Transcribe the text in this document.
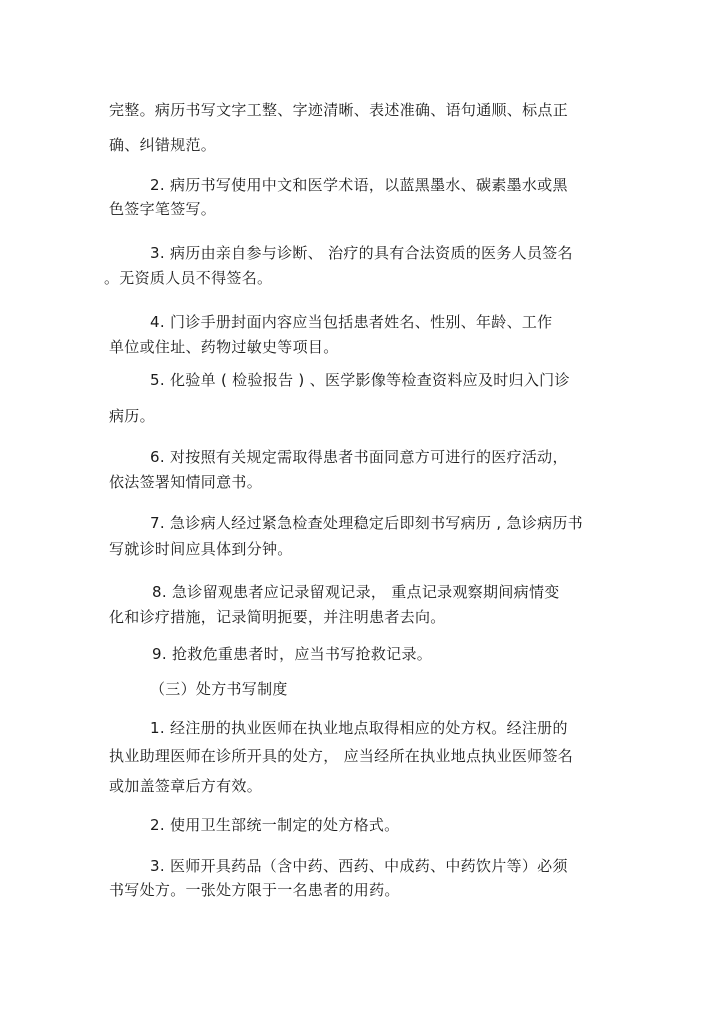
完整。病历书写文字工整、字迹清晰、表述准确、语句通顺、标点正
确、纠错规范。
2. 病历书写使用中文和医学术语，以蓝黑墨水、碳素墨水或黑
色签字笔签写。
3. 病历由亲自参与诊断、 治疗的具有合法资质的医务人员签名
。无资质人员不得签名。
4. 门诊手册封面内容应当包括患者姓名、性别、年龄、工作
单位或住址、药物过敏史等项目。
5. 化验单 ( 检验报告 ) 、医学影像等检查资料应及时归入门诊
病历。
6. 对按照有关规定需取得患者书面同意方可进行的医疗活动，
依法签署知情同意书。
7. 急诊病人经过紧急检查处理稳定后即刻书写病历 , 急诊病历书
写就诊时间应具体到分钟。
8. 急诊留观患者应记录留观记录， 重点记录观察期间病情变
化和诊疗措施，记录简明扼要，并注明患者去向。
9. 抢救危重患者时，应当书写抢救记录。
（三）处方书写制度
1. 经注册的执业医师在执业地点取得相应的处方权。经注册的
执业助理医师在诊所开具的处方， 应当经所在执业地点执业医师签名
或加盖签章后方有效。
2. 使用卫生部统一制定的处方格式。
3. 医师开具药品（含中药、西药、中成药、中药饮片等）必须
书写处方。一张处方限于一名患者的用药。
